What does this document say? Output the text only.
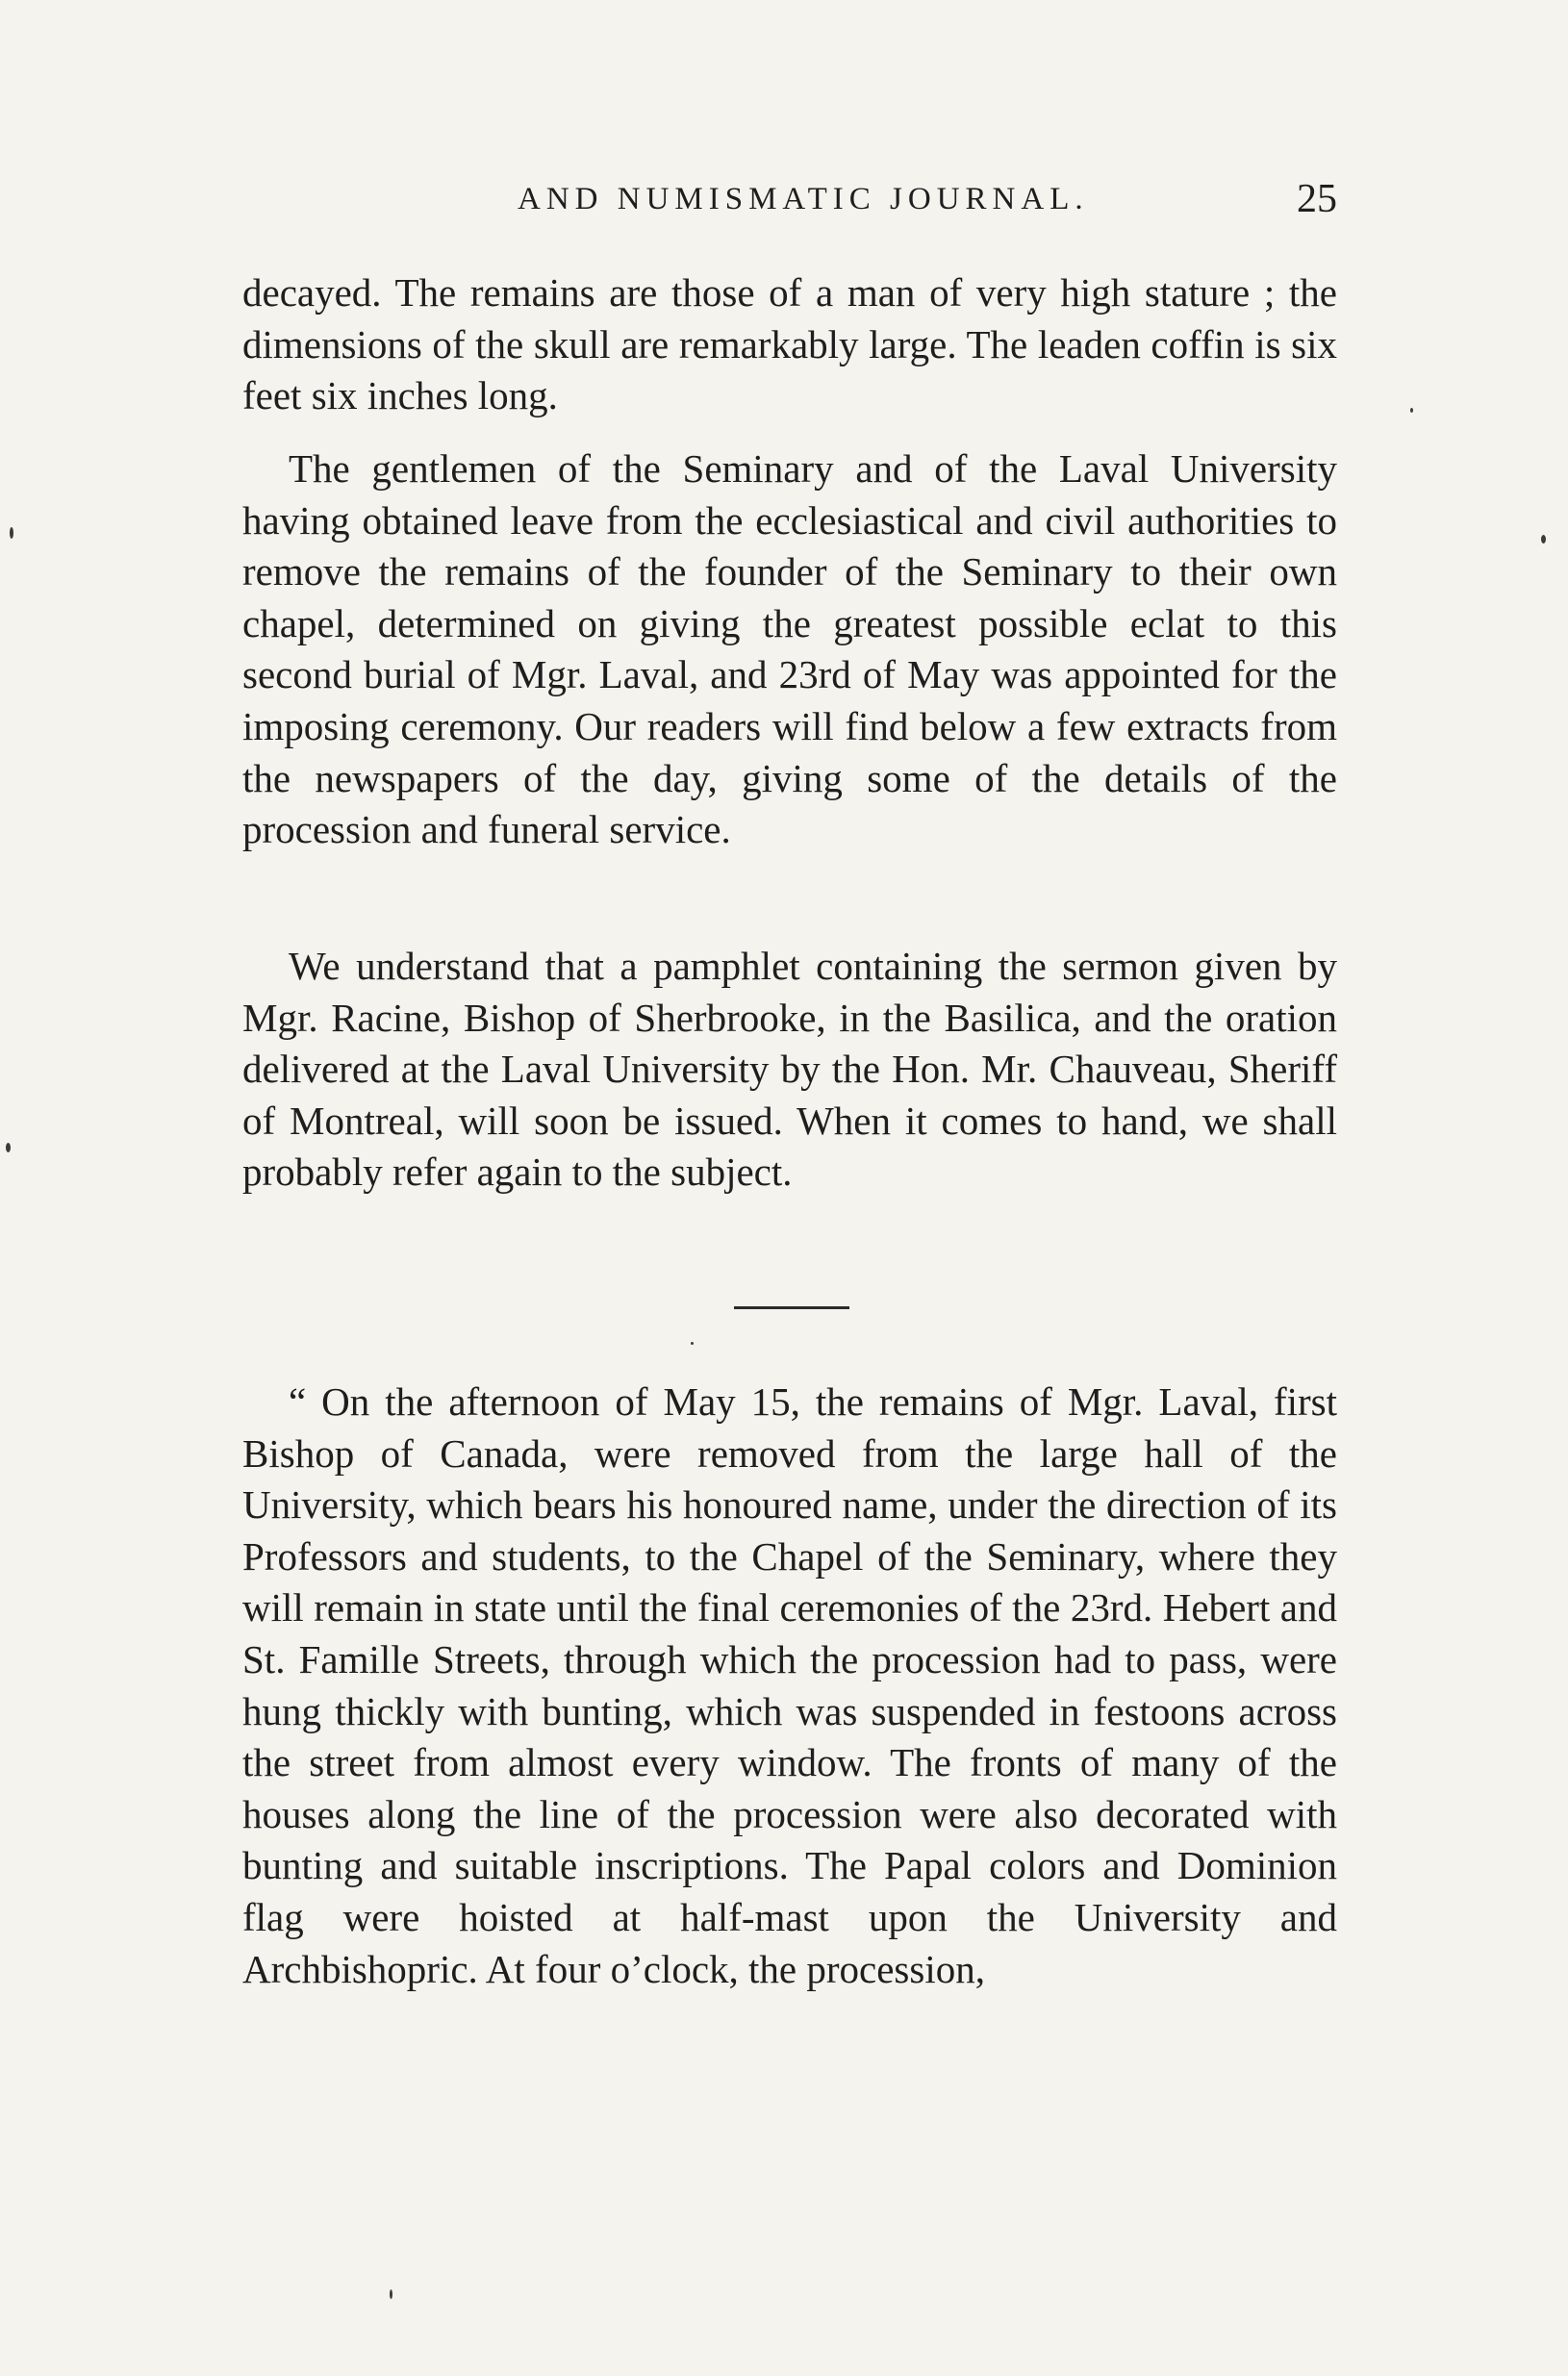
AND NUMISMATIC JOURNAL.	25

decayed. The remains are those of a man of very high stature ; the dimensions of the skull are remarkably large. The leaden coffin is six feet six inches long.

The gentlemen of the Seminary and of the Laval University having obtained leave from the ecclesiastical and civil authorities to remove the remains of the founder of the Seminary to their own chapel, determined on giving the greatest possible eclat to this second burial of Mgr. Laval, and 23rd of May was appointed for the imposing ceremony. Our readers will find below a few extracts from the newspapers of the day, giving some of the details of the procession and funeral service.

We understand that a pamphlet containing the sermon given by Mgr. Racine, Bishop of Sherbrooke, in the Basilica, and the oration delivered at the Laval University by the Hon. Mr. Chauveau, Sheriff of Montreal, will soon be issued. When it comes to hand, we shall probably refer again to the subject.

“ On the afternoon of May 15, the remains of Mgr. Laval, first Bishop of Canada, were removed from the large hall of the University, which bears his honoured name, under the direction of its Professors and students, to the Chapel of the Seminary, where they will remain in state until the final ceremonies of the 23rd. Hebert and St. Famille Streets, through which the procession had to pass, were hung thickly with bunting, which was suspended in festoons across the street from almost every window. The fronts of many of the houses along the line of the procession were also decorated with bunting and suitable inscriptions. The Papal colors and Dominion flag were hoisted at half-mast upon the University and Archbishopric. At four o’clock, the procession,
